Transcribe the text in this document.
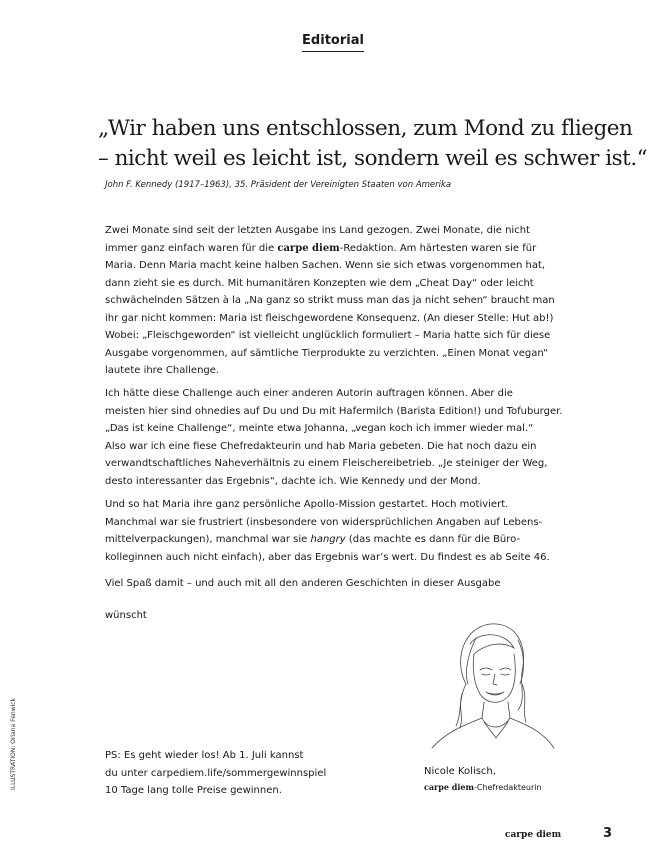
Editorial
„Wir haben uns entschlossen, zum Mond zu fliegen
– nicht weil es leicht ist, sondern weil es schwer ist.“
John F. Kennedy (1917–1963), 35. Präsident der Vereinigten Staaten von Amerika
Zwei Monate sind seit der letzten Ausgabe ins Land gezogen. Zwei Monate, die nicht
immer ganz einfach waren für die carpe diem-Redaktion. Am härtesten waren sie für
Maria. Denn Maria macht keine halben Sachen. Wenn sie sich etwas vorgenommen hat,
dann zieht sie es durch. Mit humanitären Konzepten wie dem „Cheat Day“ oder leicht
schwächelnden Sätzen à la „Na ganz so strikt muss man das ja nicht sehen“ braucht man
ihr gar nicht kommen: Maria ist fleischgewordene Konsequenz. (An dieser Stelle: Hut ab!)
Wobei: „Fleischgeworden“ ist vielleicht unglücklich formuliert – Maria hatte sich für diese
Ausgabe vorgenommen, auf sämtliche Tierprodukte zu verzichten. „Einen Monat vegan“
lautete ihre Challenge.
Ich hätte diese Challenge auch einer anderen Autorin auftragen können. Aber die
meisten hier sind ohnedies auf Du und Du mit Hafermilch (Barista Edition!) und Tofuburger.
„Das ist keine Challenge“, meinte etwa Johanna, „vegan koch ich immer wieder mal.“
Also war ich eine fiese Chefredakteurin und hab Maria gebeten. Die hat noch dazu ein
verwandtschaftliches Naheverhältnis zu einem Fleischereibetrieb. „Je steiniger der Weg,
desto interessanter das Ergebnis“, dachte ich. Wie Kennedy und der Mond.
Und so hat Maria ihre ganz persönliche Apollo-Mission gestartet. Hoch motiviert.
Manchmal war sie frustriert (insbesondere von widersprüchlichen Angaben auf Lebens-
mittelverpackungen), manchmal war sie hangry (das machte es dann für die Büro-
kolleginnen auch nicht einfach), aber das Ergebnis war’s wert. Du findest es ab Seite 46.
Viel Spaß damit – und auch mit all den anderen Geschichten in dieser Ausgabe
wünscht
Nicole Kolisch,
carpe diem-Chefredakteurin
PS: Es geht wieder los! Ab 1. Juli kannst
du unter carpediem.life/sommergewinnspiel
10 Tage lang tolle Preise gewinnen.
ILLUSTRATION: Oriana Fenwick
carpe diem	3
